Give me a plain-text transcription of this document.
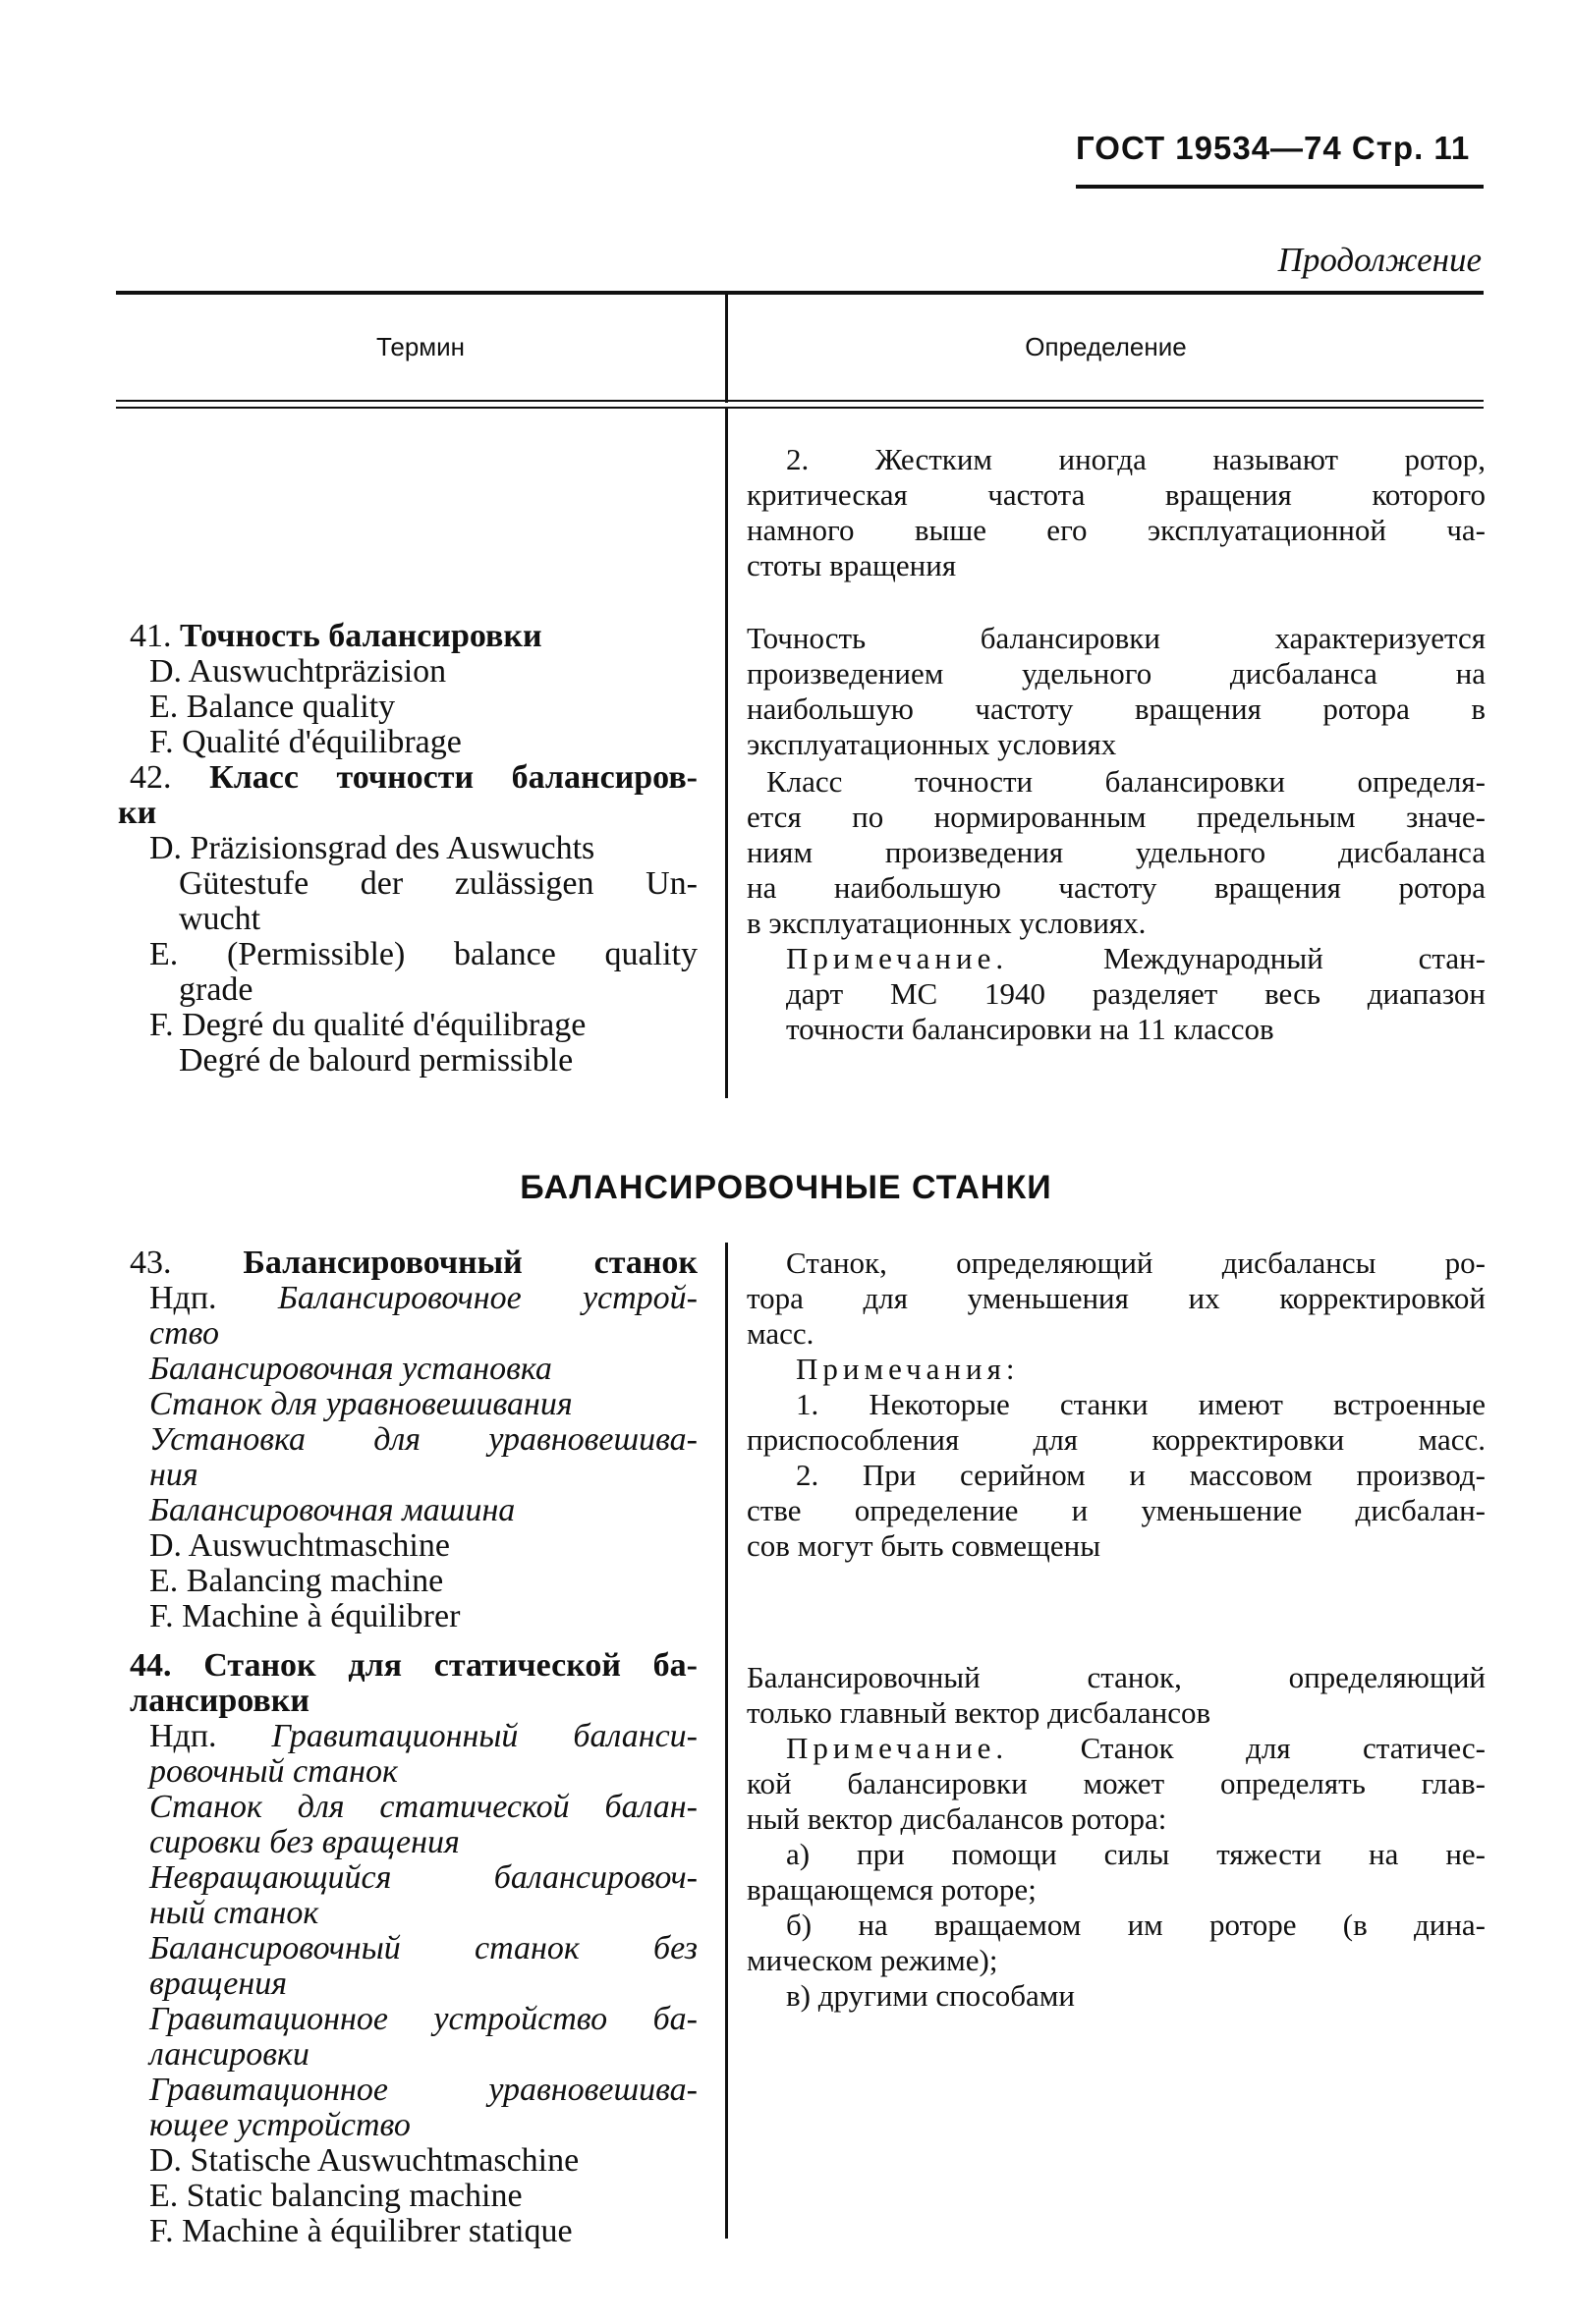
ГОСТ 19534—74 Стр. 11
Продолжение
Термин	Определение
2. Жестким иногда называют ротор,
критическая частота вращения которого
намного выше его эксплуатационной ча-
стоты вращения
41. Точность балансировки
D. Auswuchtpräzision
E. Balance quality
F. Qualité d'équilibrage
42. Класс точности балансиров-
ки
D. Präzisionsgrad des Auswuchts
Gütestufe der zulässigen Un-
wucht
E. (Permissible) balance quality
grade
F. Degré du qualité d'équilibrage
Degré de balourd permissible
Точность балансировки характеризуется
произведением удельного дисбаланса на
наибольшую частоту вращения ротора в
эксплуатационных условиях
Класс точности балансировки определя-
ется по нормированным предельным значе-
ниям произведения удельного дисбаланса
на наибольшую частоту вращения ротора
в эксплуатационных условиях.
Примечание.	Международный стан-
дарт МС 1940 разделяет весь диапазон
точности балансировки на 11 классов
БАЛАНСИРОВОЧНЫЕ СТАНКИ
43. Балансировочный станок
Ндп. Балансировочное устрой-
ство
Балансировочная установка
Станок для уравновешивания
Установка для уравновешива-
ния
Балансировочная машина
D. Auswuchtmaschine
E. Balancing machine
F. Machine à équilibrer
Станок, определяющий дисбалансы ро-
тора для уменьшения их корректировкой
масс.
Примечания:
1. Некоторые станки имеют встроенные
приспособления для корректировки масс.
2. При серийном и массовом производ-
стве определение и уменьшение дисбалан-
сов могут быть совмещены
44. Станок для статической ба-
лансировки
Ндп. Гравитационный баланси-
ровочный станок
Станок для статической балан-
сировки без вращения
Невращающийся балансировоч-
ный станок
Балансировочный станок без
вращения
Гравитационное устройство ба-
лансировки
Гравитационное уравновешива-
ющее устройство
D. Statische Auswuchtmaschine
E. Static balancing machine
F. Machine à équilibrer statique
Балансировочный станок, определяющий
только главный вектор дисбалансов
Примечание. Станок для статичес-
кой балансировки может определять глав-
ный вектор дисбалансов ротора:
а) при помощи силы тяжести на не-
вращающемся роторе;
б) на вращаемом им роторе (в дина-
мическом режиме);
в) другими способами
